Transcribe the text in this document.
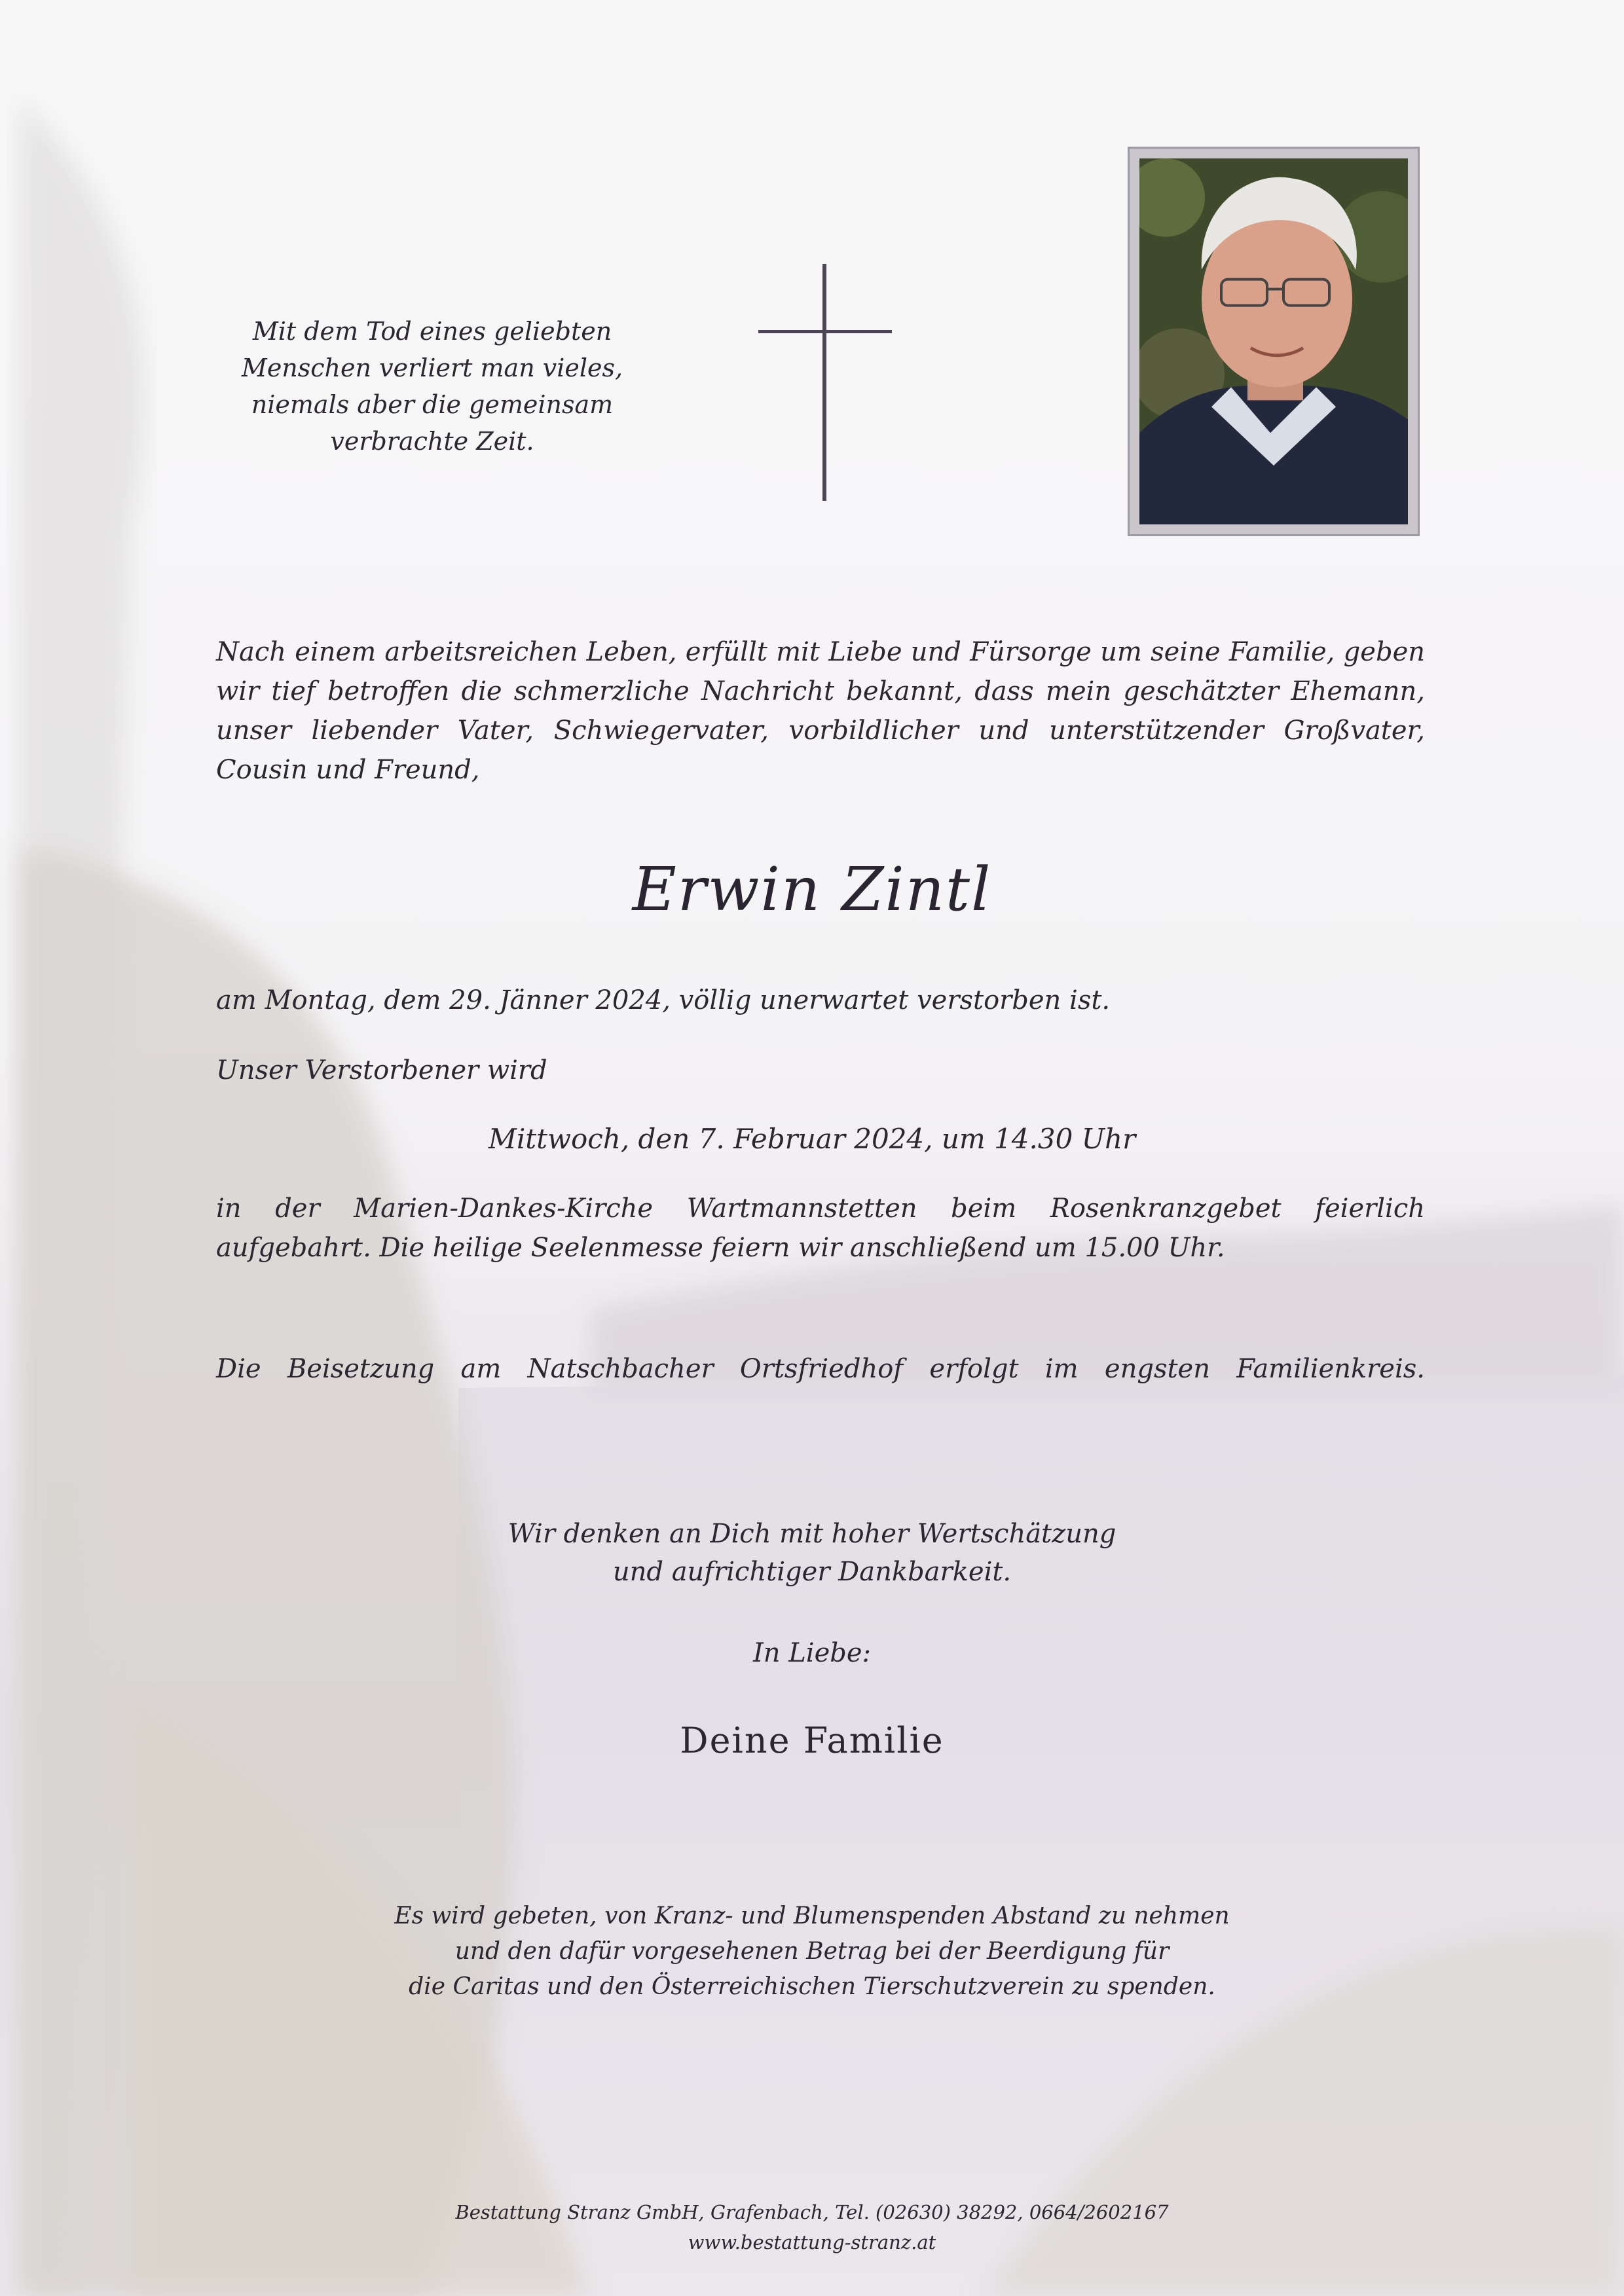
Mit dem Tod eines geliebten
Menschen verliert man vieles,
niemals aber die gemeinsam
verbrachte Zeit.
Nach einem arbeitsreichen Leben, erfüllt mit Liebe und Fürsorge um seine Familie, geben wir tief betroffen die schmerzliche Nachricht bekannt, dass mein geschätzter Ehemann, unser liebender Vater, Schwiegervater, vorbildlicher und unterstützender Großvater, Cousin und Freund,
Erwin Zintl
am Montag, dem 29. Jänner 2024, völlig unerwartet verstorben ist.
Unser Verstorbener wird
Mittwoch, den 7. Februar 2024, um 14.30 Uhr
in der Marien-Dankes-Kirche Wartmannstetten beim Rosenkranzgebet feierlich aufgebahrt. Die heilige Seelenmesse feiern wir anschließend um 15.00 Uhr.
Die Beisetzung am Natschbacher Ortsfriedhof erfolgt im engsten Familienkreis.
Wir denken an Dich mit hoher Wertschätzung
und aufrichtiger Dankbarkeit.
In Liebe:
Deine Familie
Es wird gebeten, von Kranz- und Blumenspenden Abstand zu nehmen
und den dafür vorgesehenen Betrag bei der Beerdigung für
die Caritas und den Österreichischen Tierschutzverein zu spenden.
Bestattung Stranz GmbH, Grafenbach, Tel. (02630) 38292, 0664/2602167
www.bestattung-stranz.at
